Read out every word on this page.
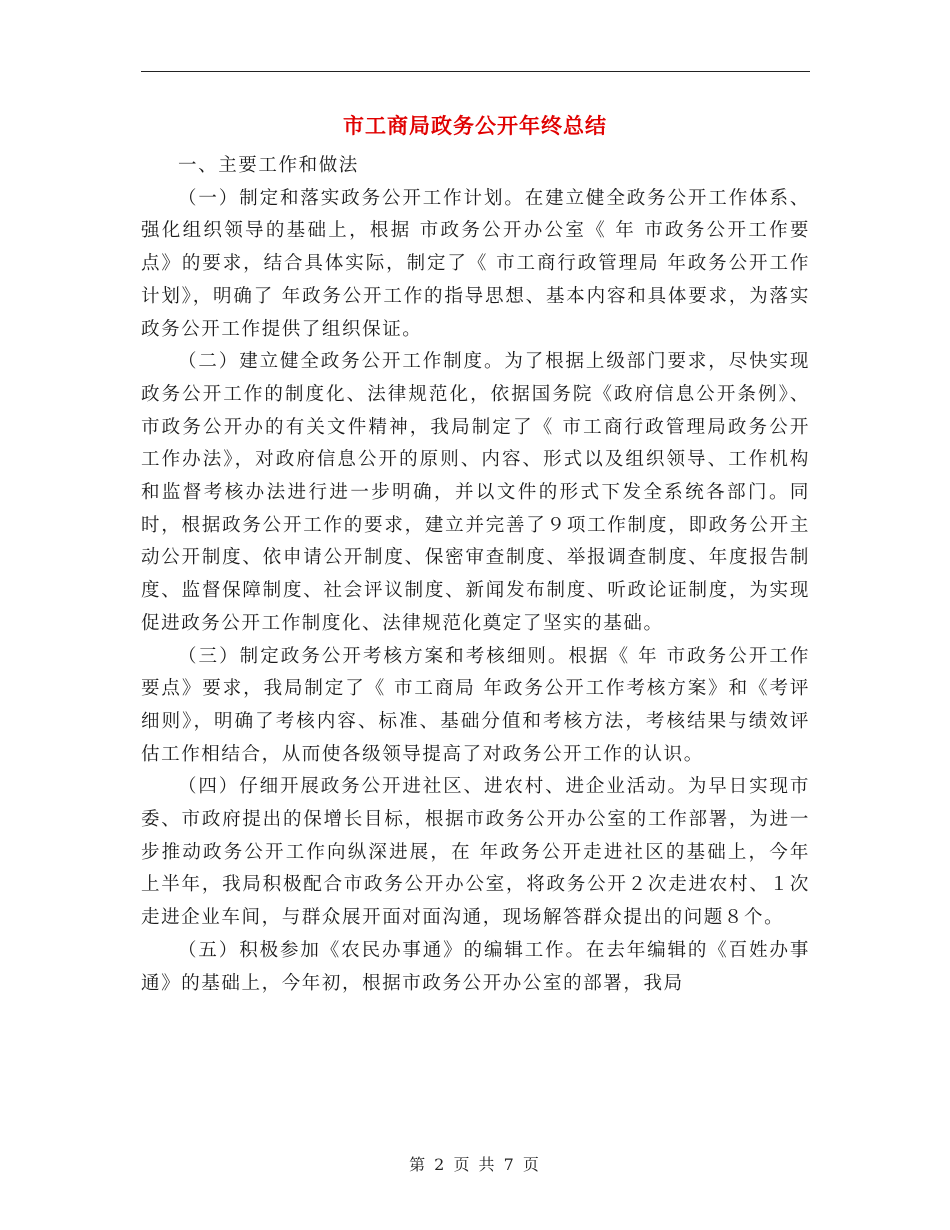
市工商局政务公开年终总结

一、主要工作和做法

（一）制定和落实政务公开工作计划。在建立健全政务公开工作体系、强化组织领导的基础上，根据 市政务公开办公室《 年 市政务公开工作要点》的要求，结合具体实际，制定了《 市工商行政管理局 年政务公开工作计划》，明确了 年政务公开工作的指导思想、基本内容和具体要求，为落实政务公开工作提供了组织保证。

（二）建立健全政务公开工作制度。为了根据上级部门要求，尽快实现政务公开工作的制度化、法律规范化，依据国务院《政府信息公开条例》、市政务公开办的有关文件精神，我局制定了《 市工商行政管理局政务公开工作办法》，对政府信息公开的原则、内容、形式以及组织领导、工作机构和监督考核办法进行进一步明确，并以文件的形式下发全系统各部门。同时，根据政务公开工作的要求，建立并完善了９项工作制度，即政务公开主动公开制度、依申请公开制度、保密审查制度、举报调查制度、年度报告制度、监督保障制度、社会评议制度、新闻发布制度、听政论证制度，为实现促进政务公开工作制度化、法律规范化奠定了坚实的基础。

（三）制定政务公开考核方案和考核细则。根据《 年 市政务公开工作要点》要求，我局制定了《 市工商局 年政务公开工作考核方案》和《考评细则》，明确了考核内容、标准、基础分值和考核方法，考核结果与绩效评估工作相结合，从而使各级领导提高了对政务公开工作的认识。

（四）仔细开展政务公开进社区、进农村、进企业活动。为早日实现市委、市政府提出的保增长目标，根据市政务公开办公室的工作部署，为进一步推动政务公开工作向纵深进展，在 年政务公开走进社区的基础上，今年上半年，我局积极配合市政务公开办公室，将政务公开２次走进农村、１次走进企业车间，与群众展开面对面沟通，现场解答群众提出的问题８个。

（五）积极参加《农民办事通》的编辑工作。在去年编辑的《百姓办事通》的基础上，今年初，根据市政务公开办公室的部署，我局

第 2 页 共 7 页
